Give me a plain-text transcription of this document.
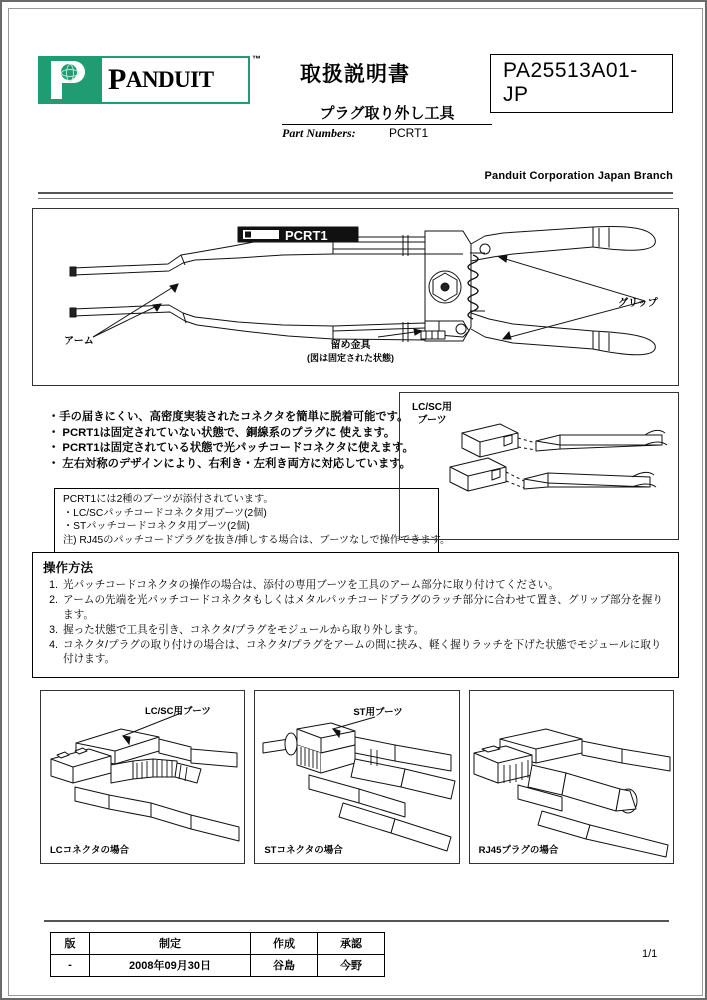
P ANDUIT
™
取扱説明書
プラグ取り外し工具
Part Numbers:	PCRT1
PA25513A01-JP
Panduit Corporation Japan Branch
PCRT1
アーム
グリップ
留め金具
(図は固定された状態)
・手の届きにくい、高密度実装されたコネクタを簡単に脱着可能です。
・ PCRT1は固定されていない状態で、銅線系のプラグに 使えます。
・ PCRT1は固定されている状態で光パッチコードコネクタに使えます。
・ 左右対称のデザインにより、右利き・左利き両方に対応しています。
PCRT1には2種のブーツが添付されています。
・LC/SCパッチコードコネクタ用ブーツ(2個)
・STパッチコードコネクタ用ブーツ(2個)
注) RJ45のパッチコードプラグを抜き/挿しする場合は、ブーツなしで操作できます。
LC/SC用
ブーツ
操作方法
1. 光パッチコードコネクタの操作の場合は、添付の専用ブーツを工具のアーム部分に取り付けてください。
2. アームの先端を光パッチコードコネクタもしくはメタルパッチコードプラグのラッチ部分に合わせて置き、グリップ部分を握ります。
3. 握った状態で工具を引き、コネクタ/プラグをモジュールから取り外します。
4. コネクタ/プラグの取り付けの場合は、コネクタ/プラグをアームの間に挟み、軽く握りラッチを下げた状態でモジュールに取り付けます。
LC/SC用ブーツ
LCコネクタの場合
ST用ブーツ
STコネクタの場合	RJ45プラグの場合
版	制定	作成	承認
-	2008年09月30日	谷島	今野
1/1
